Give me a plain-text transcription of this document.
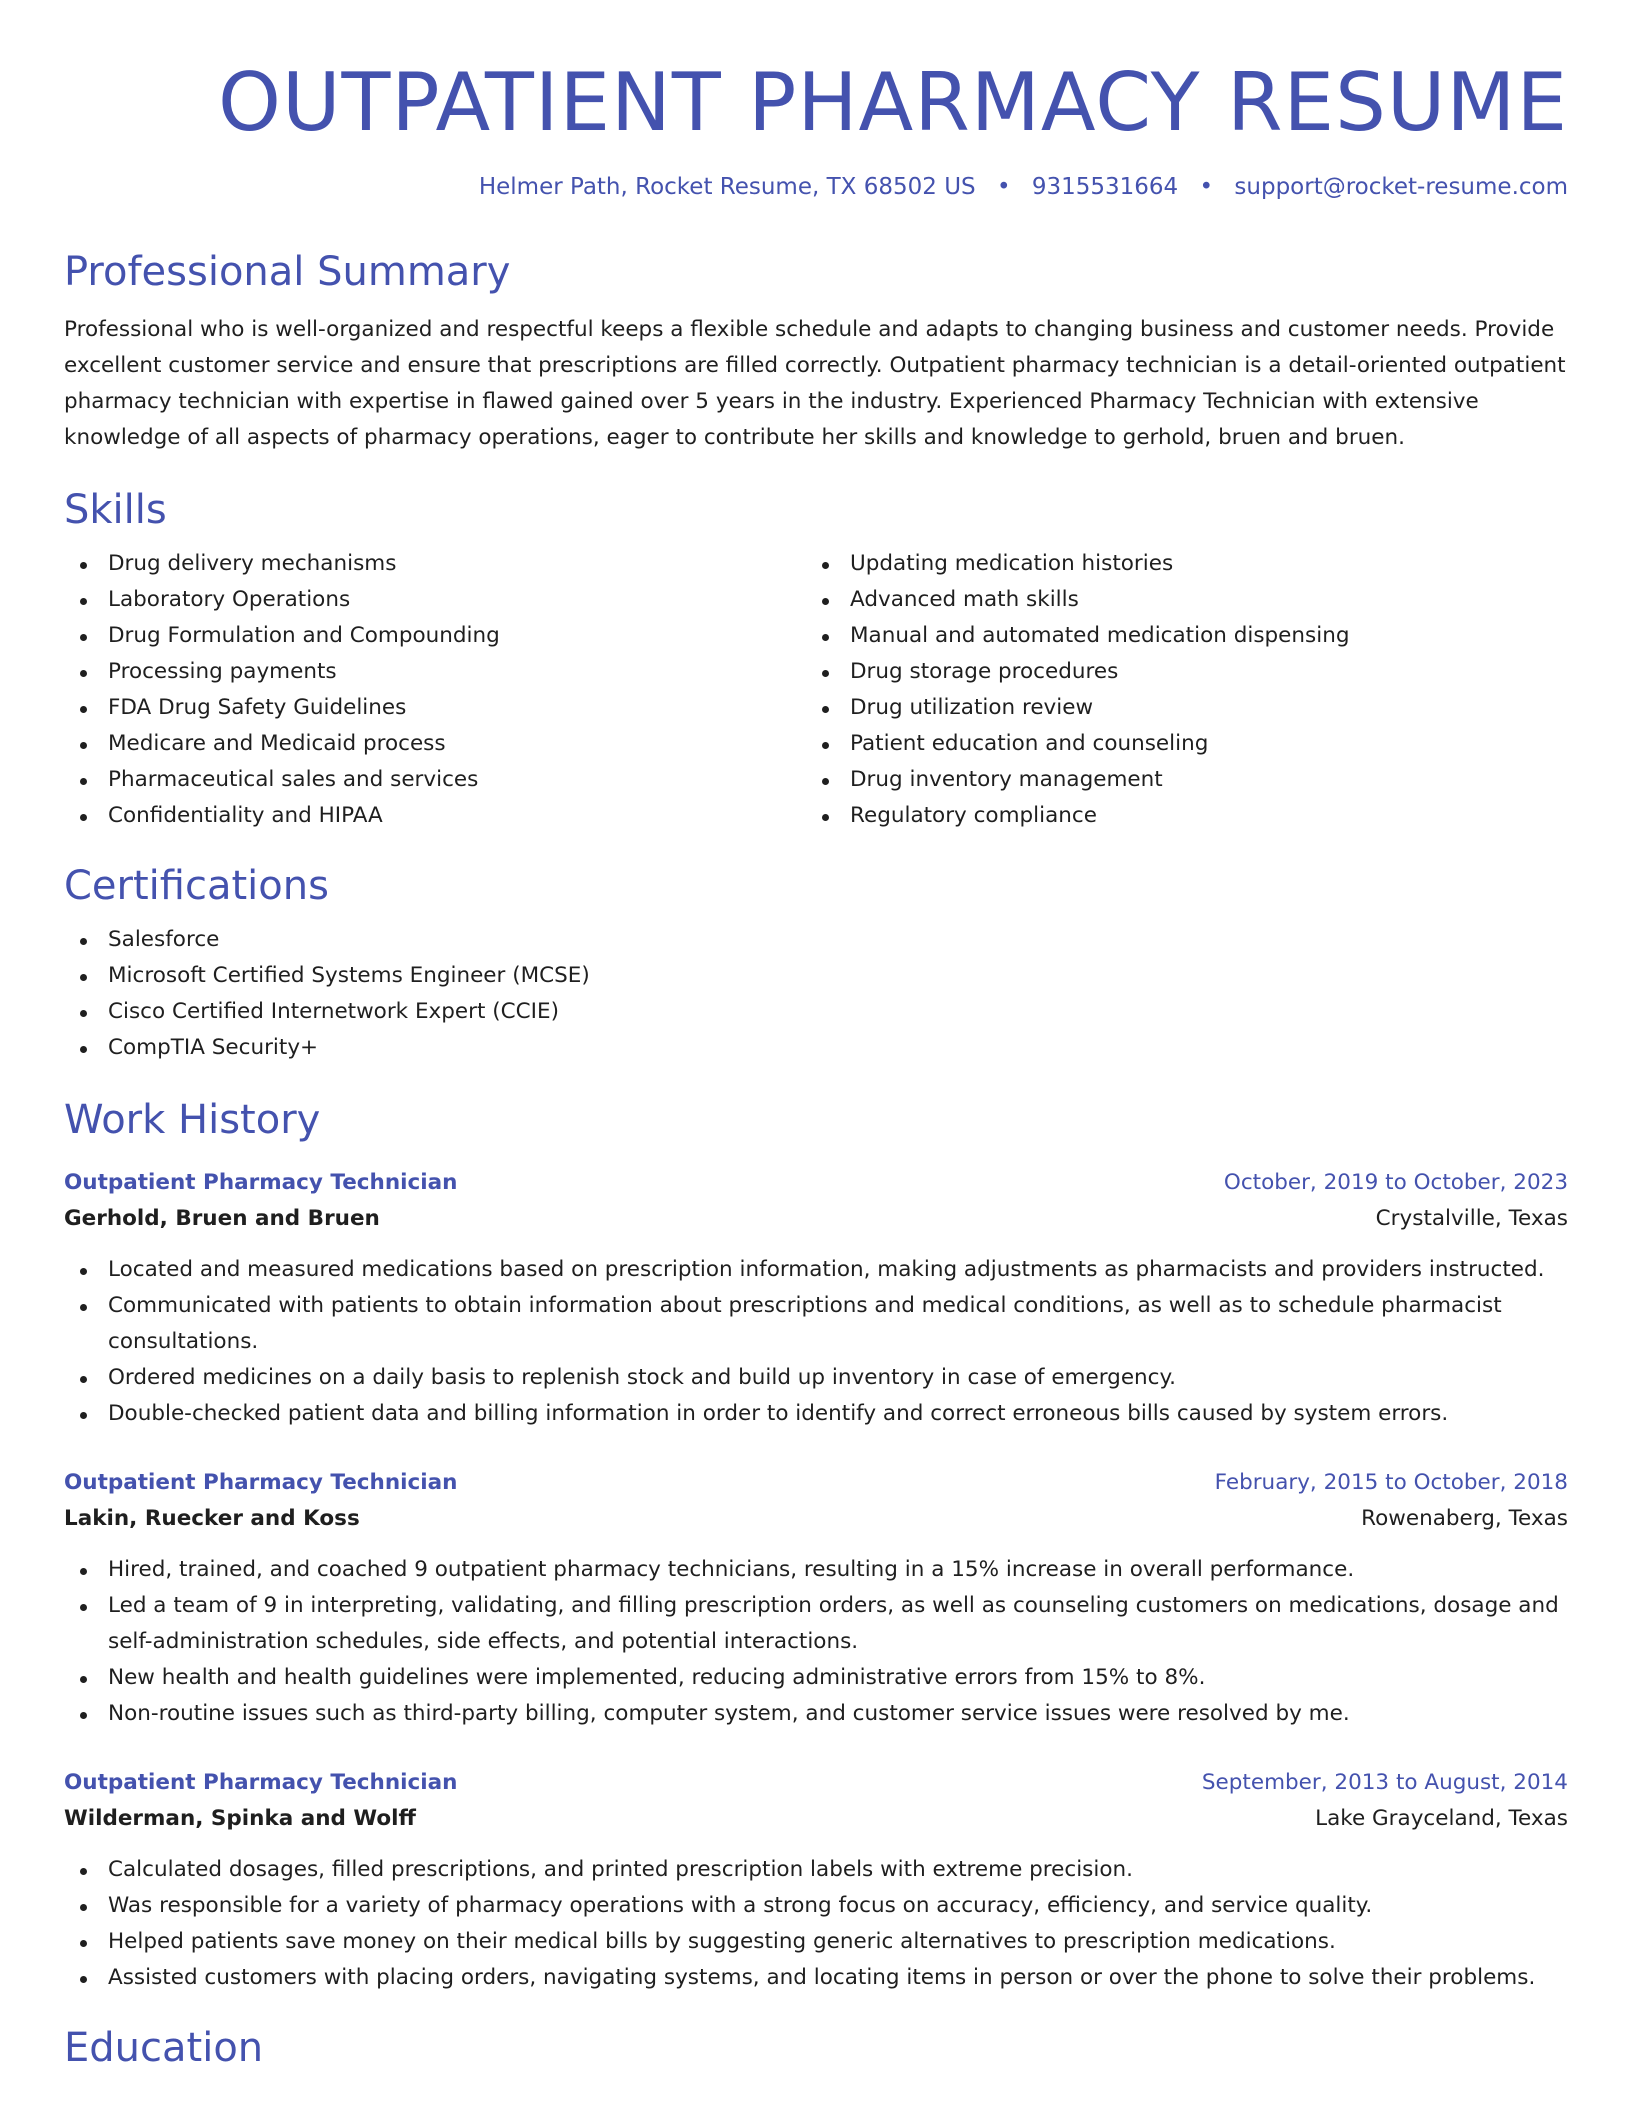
OUTPATIENT PHARMACY RESUME
Helmer Path, Rocket Resume, TX 68502 US • 9315531664 • support@rocket-resume.com
Professional Summary

Professional who is well-organized and respectful keeps a flexible schedule and adapts to changing business and customer needs. Provide excellent customer service and ensure that prescriptions are filled correctly. Outpatient pharmacy technician is a detail-oriented outpatient pharmacy technician with expertise in flawed gained over 5 years in the industry. Experienced Pharmacy Technician with extensive knowledge of all aspects of pharmacy operations, eager to contribute her skills and knowledge to gerhold, bruen and bruen.

Skills
Drug delivery mechanisms
Laboratory Operations
Drug Formulation and Compounding
Processing payments
FDA Drug Safety Guidelines
Medicare and Medicaid process
Pharmaceutical sales and services
Confidentiality and HIPAA
Updating medication histories
Advanced math skills
Manual and automated medication dispensing
Drug storage procedures
Drug utilization review
Patient education and counseling
Drug inventory management
Regulatory compliance
Certifications
Salesforce
Microsoft Certified Systems Engineer (MCSE)
Cisco Certified Internetwork Expert (CCIE)
CompTIA Security+
Work History
Outpatient Pharmacy Technician	October, 2019 to October, 2023
Gerhold, Bruen and Bruen	Crystalville, Texas
Located and measured medications based on prescription information, making adjustments as pharmacists and providers instructed.
Communicated with patients to obtain information about prescriptions and medical conditions, as well as to schedule pharmacist consultations.
Ordered medicines on a daily basis to replenish stock and build up inventory in case of emergency.
Double-checked patient data and billing information in order to identify and correct erroneous bills caused by system errors.
Outpatient Pharmacy Technician	February, 2015 to October, 2018
Lakin, Ruecker and Koss	Rowenaberg, Texas
Hired, trained, and coached 9 outpatient pharmacy technicians, resulting in a 15% increase in overall performance.
Led a team of 9 in interpreting, validating, and filling prescription orders, as well as counseling customers on medications, dosage and self-administration schedules, side effects, and potential interactions.
New health and health guidelines were implemented, reducing administrative errors from 15% to 8%.
Non-routine issues such as third-party billing, computer system, and customer service issues were resolved by me.
Outpatient Pharmacy Technician	September, 2013 to August, 2014
Wilderman, Spinka and Wolff	Lake Grayceland, Texas
Calculated dosages, filled prescriptions, and printed prescription labels with extreme precision.
Was responsible for a variety of pharmacy operations with a strong focus on accuracy, efficiency, and service quality.
Helped patients save money on their medical bills by suggesting generic alternatives to prescription medications.
Assisted customers with placing orders, navigating systems, and locating items in person or over the phone to solve their problems.
Education
